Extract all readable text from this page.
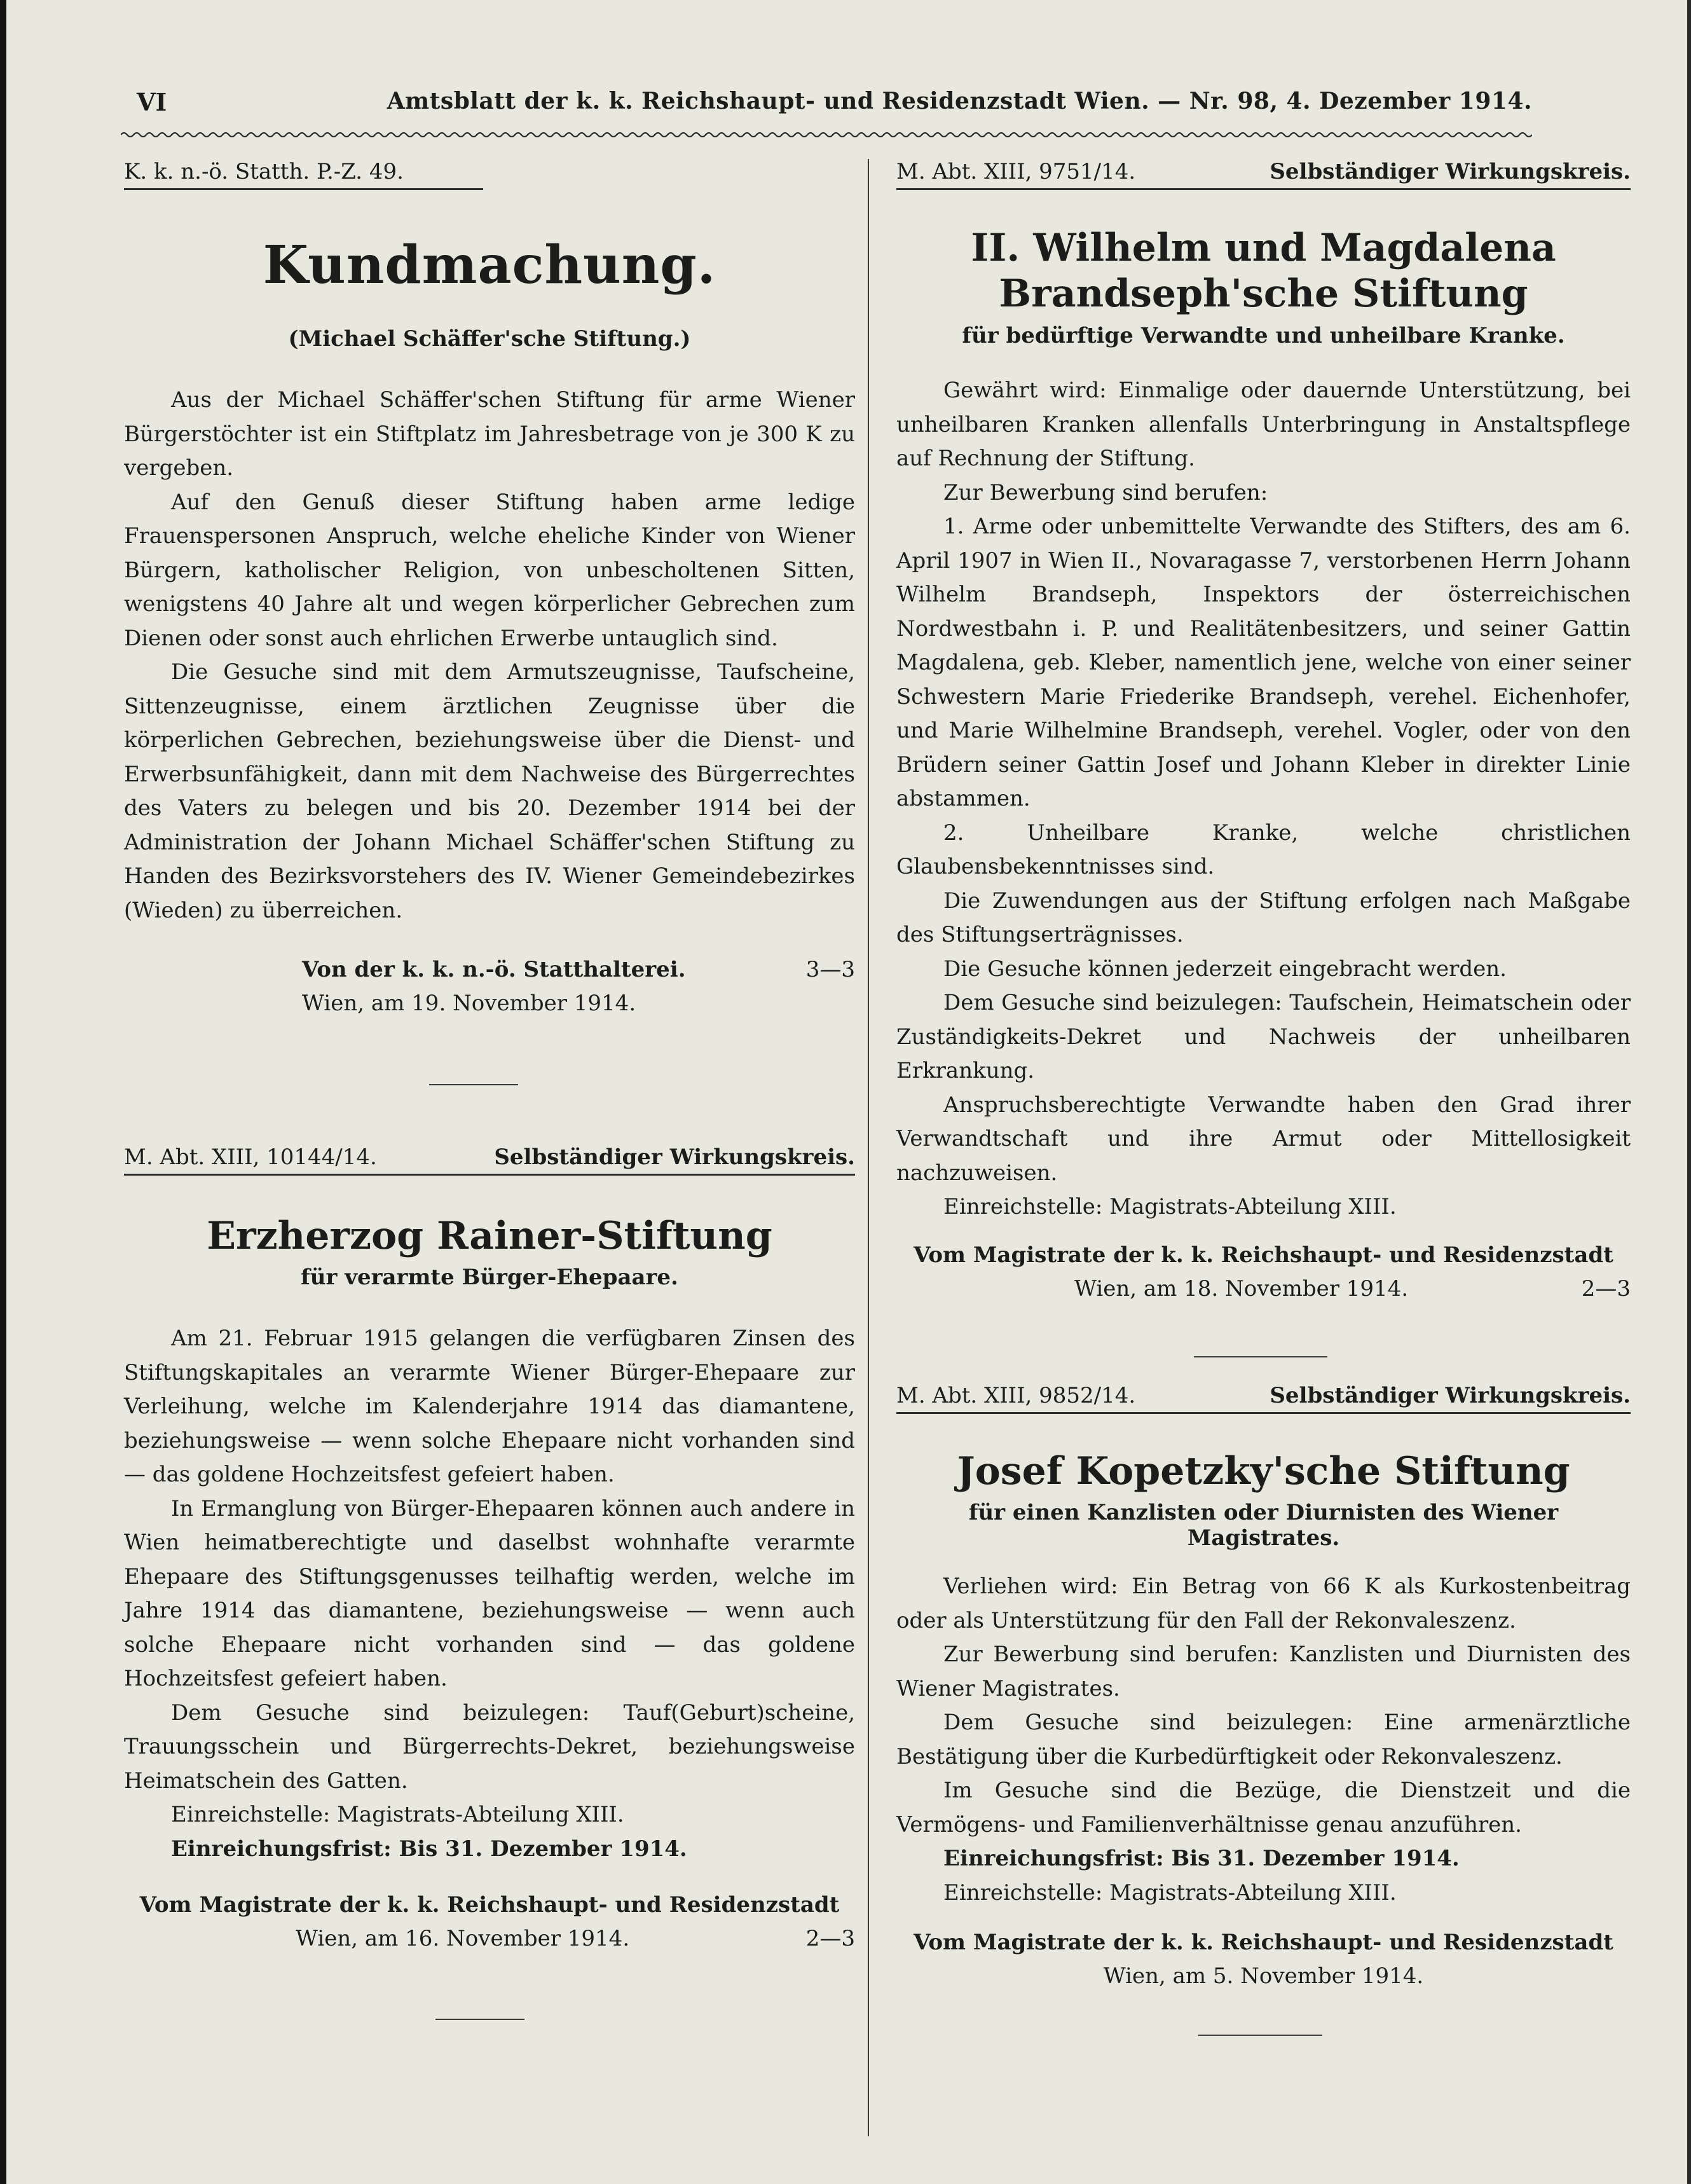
VI	Amtsblatt der k. k. Reichshaupt- und Residenzstadt Wien. — Nr. 98, 4. Dezember 1914.
K. k. n.-ö. Statth. P.-Z. 49.
Kundmachung.

(Michael Schäffer'sche Stiftung.)

Aus der Michael Schäffer'schen Stiftung für arme Wiener Bürgerstöchter ist ein Stiftplatz im Jahresbetrage von je 300 K zu vergeben.

Auf den Genuß dieser Stiftung haben arme ledige Frauenspersonen Anspruch, welche eheliche Kinder von Wiener Bürgern, katholischer Religion, von unbescholtenen Sitten, wenigstens 40 Jahre alt und wegen körperlicher Gebrechen zum Dienen oder sonst auch ehrlichen Erwerbe untauglich sind.

Die Gesuche sind mit dem Armutszeugnisse, Taufscheine, Sittenzeugnisse, einem ärztlichen Zeugnisse über die körperlichen Gebrechen, beziehungsweise über die Dienst- und Erwerbsunfähigkeit, dann mit dem Nachweise des Bürgerrechtes des Vaters zu belegen und bis 20. Dezember 1914 bei der Administration der Johann Michael Schäffer'schen Stiftung zu Handen des Bezirksvorstehers des IV. Wiener Gemeindebezirkes (Wieden) zu überreichen.

Von der k. k. n.-ö. Statthalterei.	3—3
Wien, am 19. November 1914.
M. Abt. XIII, 10144/14.	Selbständiger Wirkungskreis.
Erzherzog Rainer-Stiftung

für verarmte Bürger-Ehepaare.

Am 21. Februar 1915 gelangen die verfügbaren Zinsen des Stiftungskapitales an verarmte Wiener Bürger-Ehepaare zur Verleihung, welche im Kalenderjahre 1914 das diamantene, beziehungsweise — wenn solche Ehepaare nicht vorhanden sind — das goldene Hochzeitsfest gefeiert haben.

In Ermanglung von Bürger-Ehepaaren können auch andere in Wien heimatberechtigte und daselbst wohnhafte verarmte Ehepaare des Stiftungsgenusses teilhaftig werden, welche im Jahre 1914 das diamantene, beziehungsweise — wenn auch solche Ehepaare nicht vorhanden sind — das goldene Hochzeitsfest gefeiert haben.

Dem Gesuche sind beizulegen: Tauf(Geburt)scheine, Trauungsschein und Bürgerrechts-Dekret, beziehungsweise Heimatschein des Gatten.

Einreichstelle: Magistrats-Abteilung XIII.

Einreichungsfrist: Bis 31. Dezember 1914.

Vom Magistrate der k. k. Reichshaupt- und Residenzstadt
Wien, am 16. November 1914.	2—3
M. Abt. XIII, 9751/14.	Selbständiger Wirkungskreis.
II. Wilhelm und Magdalena Brandseph'sche Stiftung

für bedürftige Verwandte und unheilbare Kranke.

Gewährt wird: Einmalige oder dauernde Unterstützung, bei unheilbaren Kranken allenfalls Unterbringung in Anstaltspflege auf Rechnung der Stiftung.

Zur Bewerbung sind berufen:

1. Arme oder unbemittelte Verwandte des Stifters, des am 6. April 1907 in Wien II., Novaragasse 7, verstorbenen Herrn Johann Wilhelm Brandseph, Inspektors der österreichischen Nordwestbahn i. P. und Realitätenbesitzers, und seiner Gattin Magdalena, geb. Kleber, namentlich jene, welche von einer seiner Schwestern Marie Friederike Brandseph, verehel. Eichenhofer, und Marie Wilhelmine Brandseph, verehel. Vogler, oder von den Brüdern seiner Gattin Josef und Johann Kleber in direkter Linie abstammen.

2. Unheilbare Kranke, welche christlichen Glaubensbekenntnisses sind.

Die Zuwendungen aus der Stiftung erfolgen nach Maßgabe des Stiftungserträgnisses.

Die Gesuche können jederzeit eingebracht werden.

Dem Gesuche sind beizulegen: Taufschein, Heimatschein oder Zuständigkeits-Dekret und Nachweis der unheilbaren Erkrankung.

Anspruchsberechtigte Verwandte haben den Grad ihrer Verwandtschaft und ihre Armut oder Mittellosigkeit nachzuweisen.

Einreichstelle: Magistrats-Abteilung XIII.

Vom Magistrate der k. k. Reichshaupt- und Residenzstadt
Wien, am 18. November 1914.	2—3
M. Abt. XIII, 9852/14.	Selbständiger Wirkungskreis.
Josef Kopetzky'sche Stiftung

für einen Kanzlisten oder Diurnisten des Wiener Magistrates.

Verliehen wird: Ein Betrag von 66 K als Kurkostenbeitrag oder als Unterstützung für den Fall der Rekonvaleszenz.

Zur Bewerbung sind berufen: Kanzlisten und Diurnisten des Wiener Magistrates.

Dem Gesuche sind beizulegen: Eine armenärztliche Bestätigung über die Kurbedürftigkeit oder Rekonvaleszenz.

Im Gesuche sind die Bezüge, die Dienstzeit und die Vermögens- und Familienverhältnisse genau anzuführen.

Einreichungsfrist: Bis 31. Dezember 1914.

Einreichstelle: Magistrats-Abteilung XIII.

Vom Magistrate der k. k. Reichshaupt- und Residenzstadt
Wien, am 5. November 1914.
